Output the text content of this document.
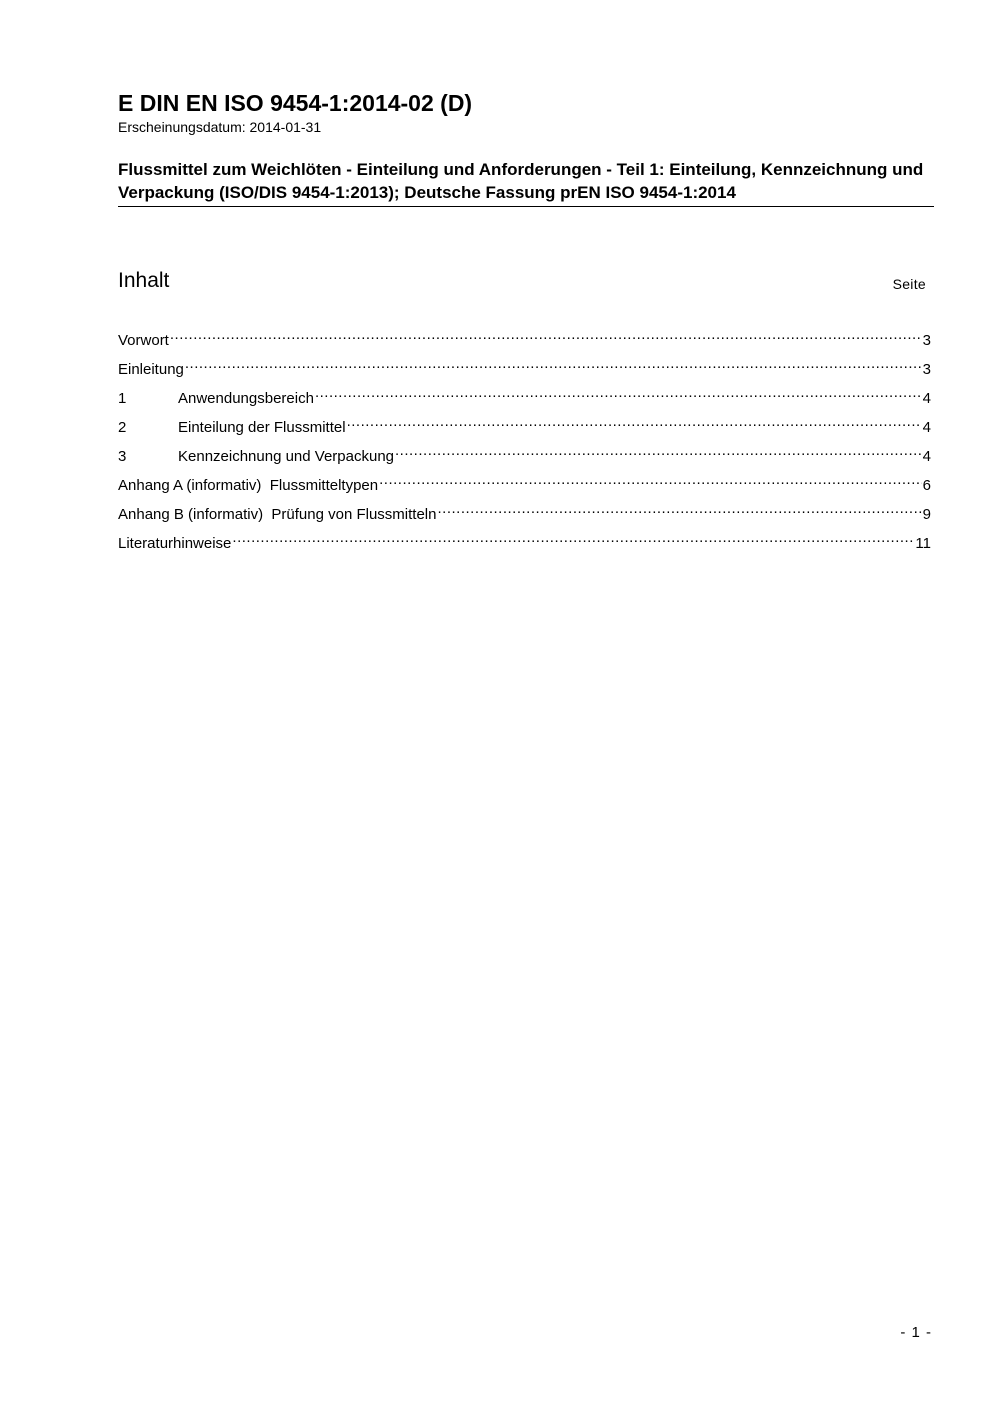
E DIN EN ISO 9454-1:2014-02 (D)

Erscheinungsdatum: 2014-01-31

Flussmittel zum Weichlöten - Einteilung und Anforderungen - Teil 1: Einteilung, Kennzeichnung und Verpackung (ISO/DIS 9454-1:2013); Deutsche Fassung prEN ISO 9454-1:2014
Inhalt	Seite
Vorwort .....	3
Einleitung .....	3
1	Anwendungsbereich .....	4
2	Einteilung der Flussmittel .....	4
3	Kennzeichnung und Verpackung .....	4
Anhang A (informativ)  Flussmitteltypen .....	6
Anhang B (informativ)  Prüfung von Flussmitteln .....	9
Literaturhinweise .....	11
- 1 -
